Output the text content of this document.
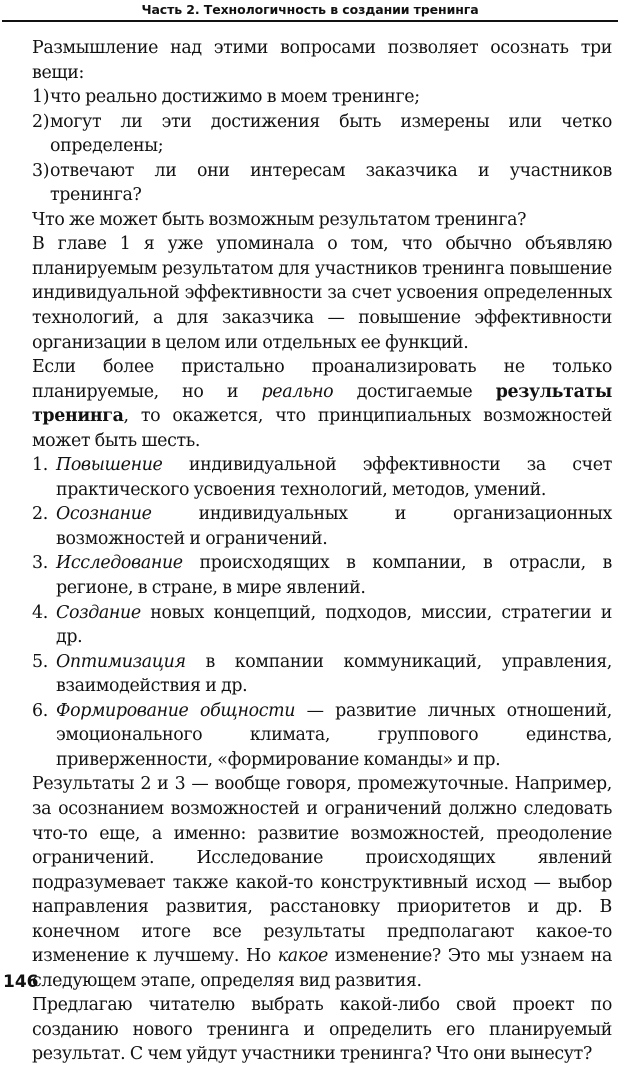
Часть 2. Технологичность в создании тренинга

Размышление над этими вопросами позволяет осознать три вещи:

1) что реально достижимо в моем тренинге;
2) могут ли эти достижения быть измерены или четко определены;
3) отвечают ли они интересам заказчика и участников тренинга?

Что же может быть возможным результатом тренинга?

В главе 1 я уже упоминала о том, что обычно объявляю планируемым результатом для участников тренинга повышение индивидуальной эффективности за счет усвоения определенных технологий, а для заказчика — повышение эффективности организации в целом или отдельных ее функций.

Если более пристально проанализировать не только планируемые, но и реально достигаемые результаты тренинга, то окажется, что принципиальных возможностей может быть шесть.

1. Повышение индивидуальной эффективности за счет практического усвоения технологий, методов, умений.
2. Осознание индивидуальных и организационных возможностей и ограничений.
3. Исследование происходящих в компании, в отрасли, в регионе, в стране, в мире явлений.
4. Создание новых концепций, подходов, миссии, стратегии и др.
5. Оптимизация в компании коммуникаций, управления, взаимодействия и др.
6. Формирование общности — развитие личных отношений, эмоционального климата, группового единства, приверженности, «формирование команды» и пр.

Результаты 2 и 3 — вообще говоря, промежуточные. Например, за осознанием возможностей и ограничений должно следовать что-то еще, а именно: развитие возможностей, преодоление ограничений. Исследование происходящих явлений подразумевает также какой-то конструктивный исход — выбор направления развития, расстановку приоритетов и др. В конечном итоге все результаты предполагают какое-то изменение к лучшему. Но какое изменение? Это мы узнаем на следующем этапе, определяя вид развития.

Предлагаю читателю выбрать какой-либо свой проект по созданию нового тренинга и определить его планируемый результат. С чем уйдут участники тренинга? Что они вынесут?

146
